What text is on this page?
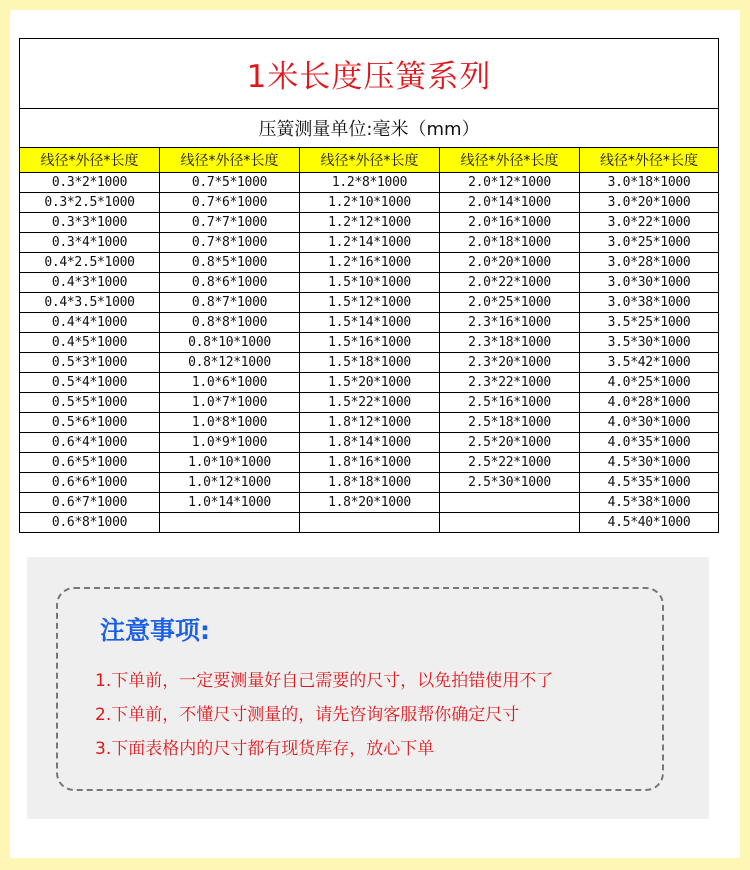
1米长度压簧系列				
压簧测量单位:毫米（mm）				
线径*外径*长度	线径*外径*长度	线径*外径*长度	线径*外径*长度	线径*外径*长度
0.3*2*1000	0.7*5*1000	1.2*8*1000	2.0*12*1000	3.0*18*1000
0.3*2.5*1000	0.7*6*1000	1.2*10*1000	2.0*14*1000	3.0*20*1000
0.3*3*1000	0.7*7*1000	1.2*12*1000	2.0*16*1000	3.0*22*1000
0.3*4*1000	0.7*8*1000	1.2*14*1000	2.0*18*1000	3.0*25*1000
0.4*2.5*1000	0.8*5*1000	1.2*16*1000	2.0*20*1000	3.0*28*1000
0.4*3*1000	0.8*6*1000	1.5*10*1000	2.0*22*1000	3.0*30*1000
0.4*3.5*1000	0.8*7*1000	1.5*12*1000	2.0*25*1000	3.0*38*1000
0.4*4*1000	0.8*8*1000	1.5*14*1000	2.3*16*1000	3.5*25*1000
0.4*5*1000	0.8*10*1000	1.5*16*1000	2.3*18*1000	3.5*30*1000
0.5*3*1000	0.8*12*1000	1.5*18*1000	2.3*20*1000	3.5*42*1000
0.5*4*1000	1.0*6*1000	1.5*20*1000	2.3*22*1000	4.0*25*1000
0.5*5*1000	1.0*7*1000	1.5*22*1000	2.5*16*1000	4.0*28*1000
0.5*6*1000	1.0*8*1000	1.8*12*1000	2.5*18*1000	4.0*30*1000
0.6*4*1000	1.0*9*1000	1.8*14*1000	2.5*20*1000	4.0*35*1000
0.6*5*1000	1.0*10*1000	1.8*16*1000	2.5*22*1000	4.5*30*1000
0.6*6*1000	1.0*12*1000	1.8*18*1000	2.5*30*1000	4.5*35*1000
0.6*7*1000	1.0*14*1000	1.8*20*1000		4.5*38*1000
0.6*8*1000				4.5*40*1000
注意事项:
1.下单前，一定要测量好自己需要的尺寸，以免拍错使用不了
2.下单前，不懂尺寸测量的，请先咨询客服帮你确定尺寸
3.下面表格内的尺寸都有现货库存，放心下单
